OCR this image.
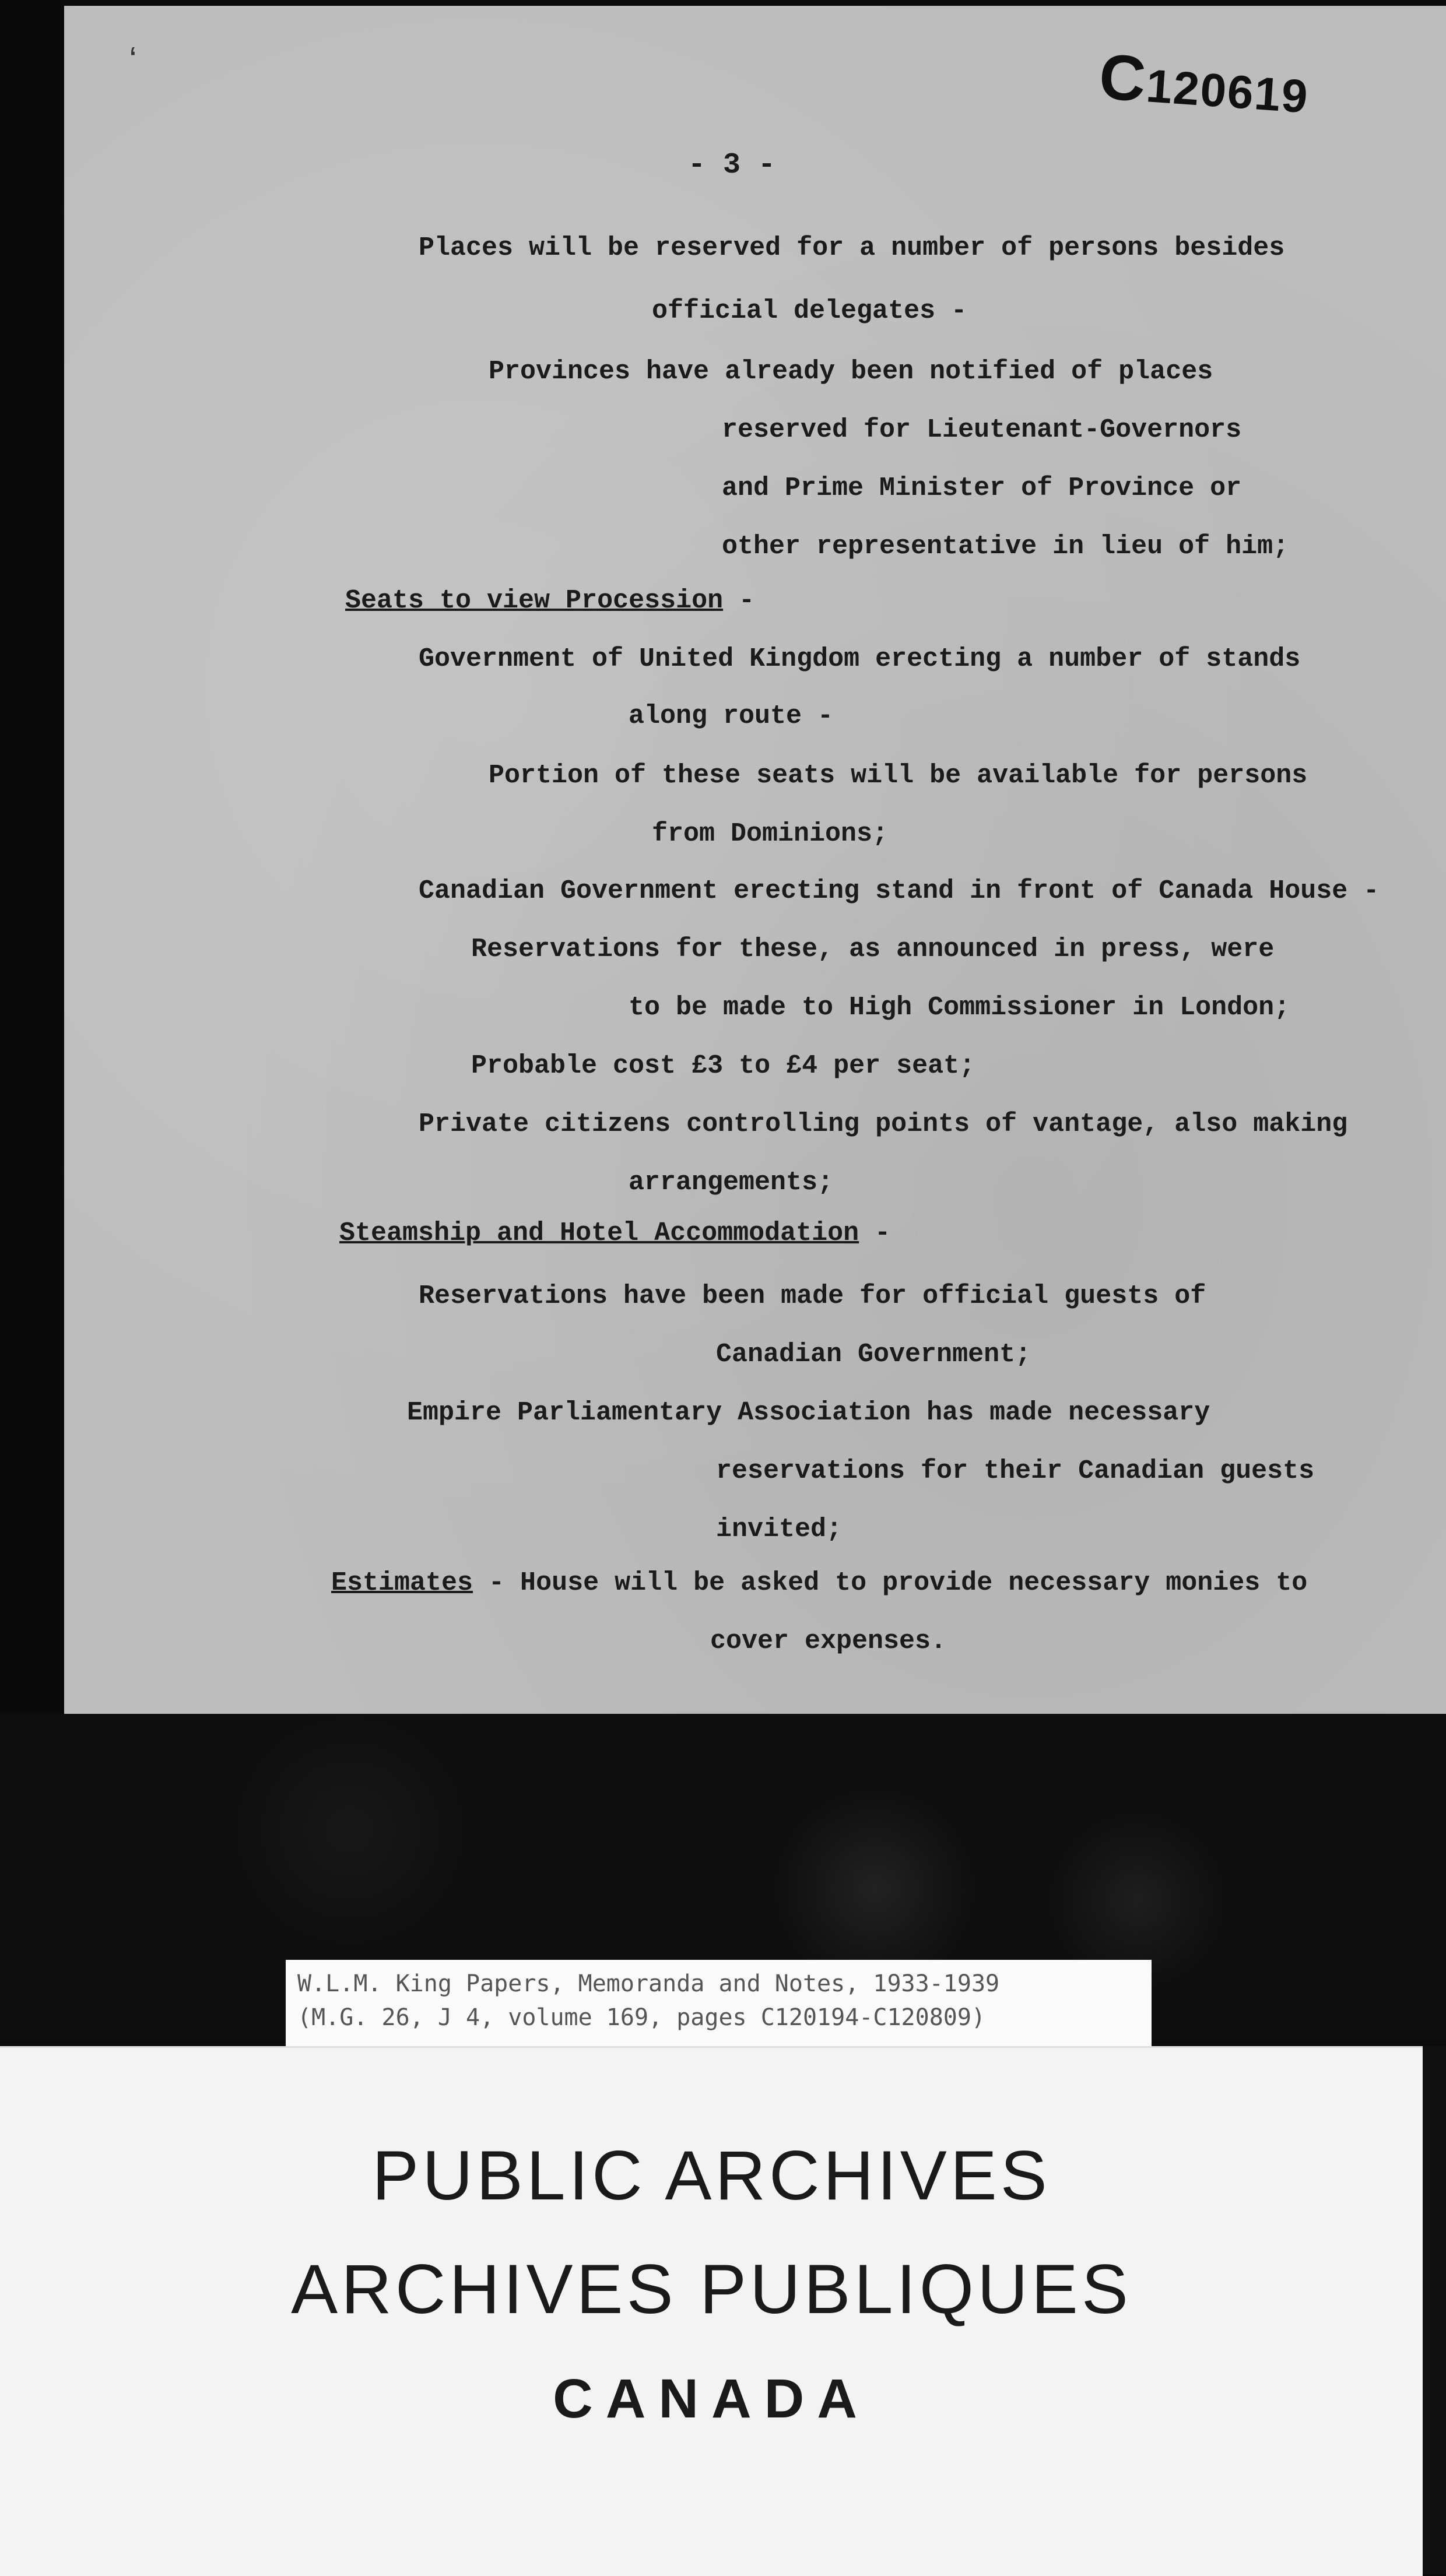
ʻ	C120619
- 3 -
Places will be reserved for a number of persons besides
official delegates -
Provinces have already been notified of places
reserved for Lieutenant-Governors
and Prime Minister of Province or
other representative in lieu of him;
Seats to view Procession -
Government of United Kingdom erecting a number of stands
along route -
Portion of these seats will be available for persons
from Dominions;
Canadian Government erecting stand in front of Canada House -
Reservations for these, as announced in press, were
to be made to High Commissioner in London;
Probable cost £3 to £4 per seat;
Private citizens controlling points of vantage, also making
arrangements;
Steamship and Hotel Accommodation -
Reservations have been made for official guests of
Canadian Government;
Empire Parliamentary Association has made necessary
reservations for their Canadian guests
invited;
Estimates - House will be asked to provide necessary monies to
cover expenses.
W.L.M. King Papers, Memoranda and Notes, 1933-1939
(M.G. 26, J 4, volume 169, pages C120194-C120809)
PUBLIC ARCHIVES
ARCHIVES PUBLIQUES
CANADA
